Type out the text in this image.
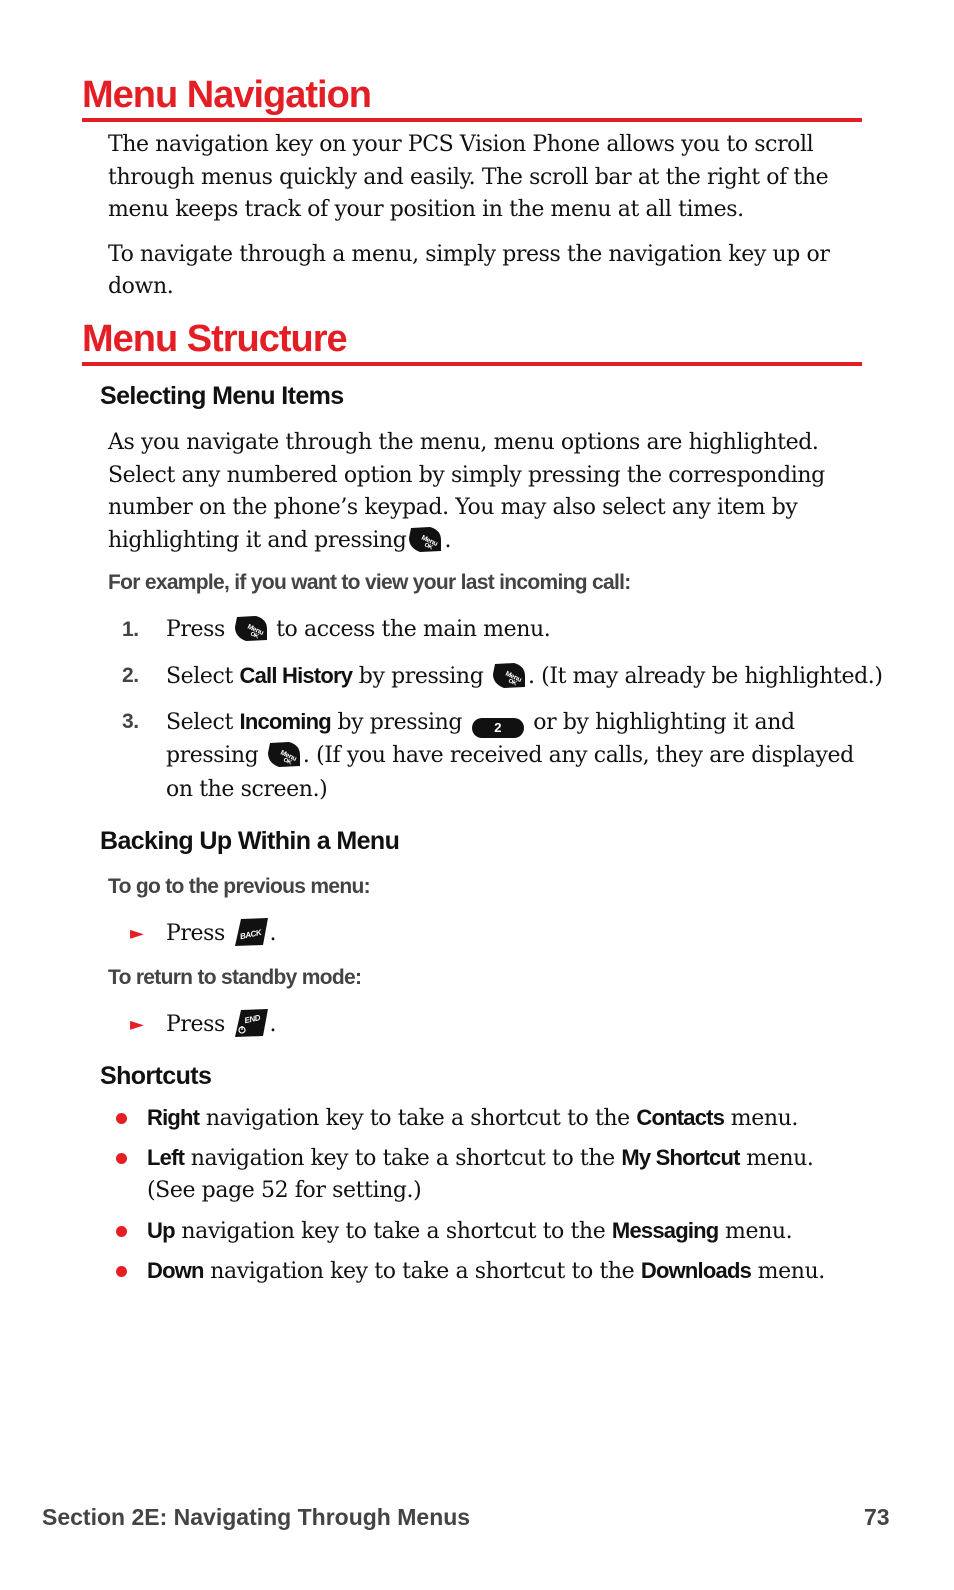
Menu Navigation

The navigation key on your PCS Vision Phone allows you to scroll through menus quickly and easily. The scroll bar at the right of the menu keeps track of your position in the menu at all times.

To navigate through a menu, simply press the navigation key up or down.

Menu Structure
Selecting Menu Items

As you navigate through the menu, menu options are highlighted. Select any numbered option by simply pressing the corresponding number on the phone’s keypad. You may also select any item by highlighting it and pressing .

For example, if you want to view your last incoming call:
1.	Press to access the main menu.
2.	Select Call History by pressing . (It may already be highlighted.)
3.	Select Incoming by pressing 2 or by highlighting it and
pressing . (If you have received any calls, they are displayed
on the screen.)
Backing Up Within a Menu
To go to the previous menu:
► Press .
To return to standby mode:
► Press .
Shortcuts
Right navigation key to take a shortcut to the Contacts menu.
Left navigation key to take a shortcut to the My Shortcut menu.
(See page 52 for setting.)
Up navigation key to take a shortcut to the Messaging menu.
Down navigation key to take a shortcut to the Downloads menu.
Section 2E: Navigating Through Menus	73
